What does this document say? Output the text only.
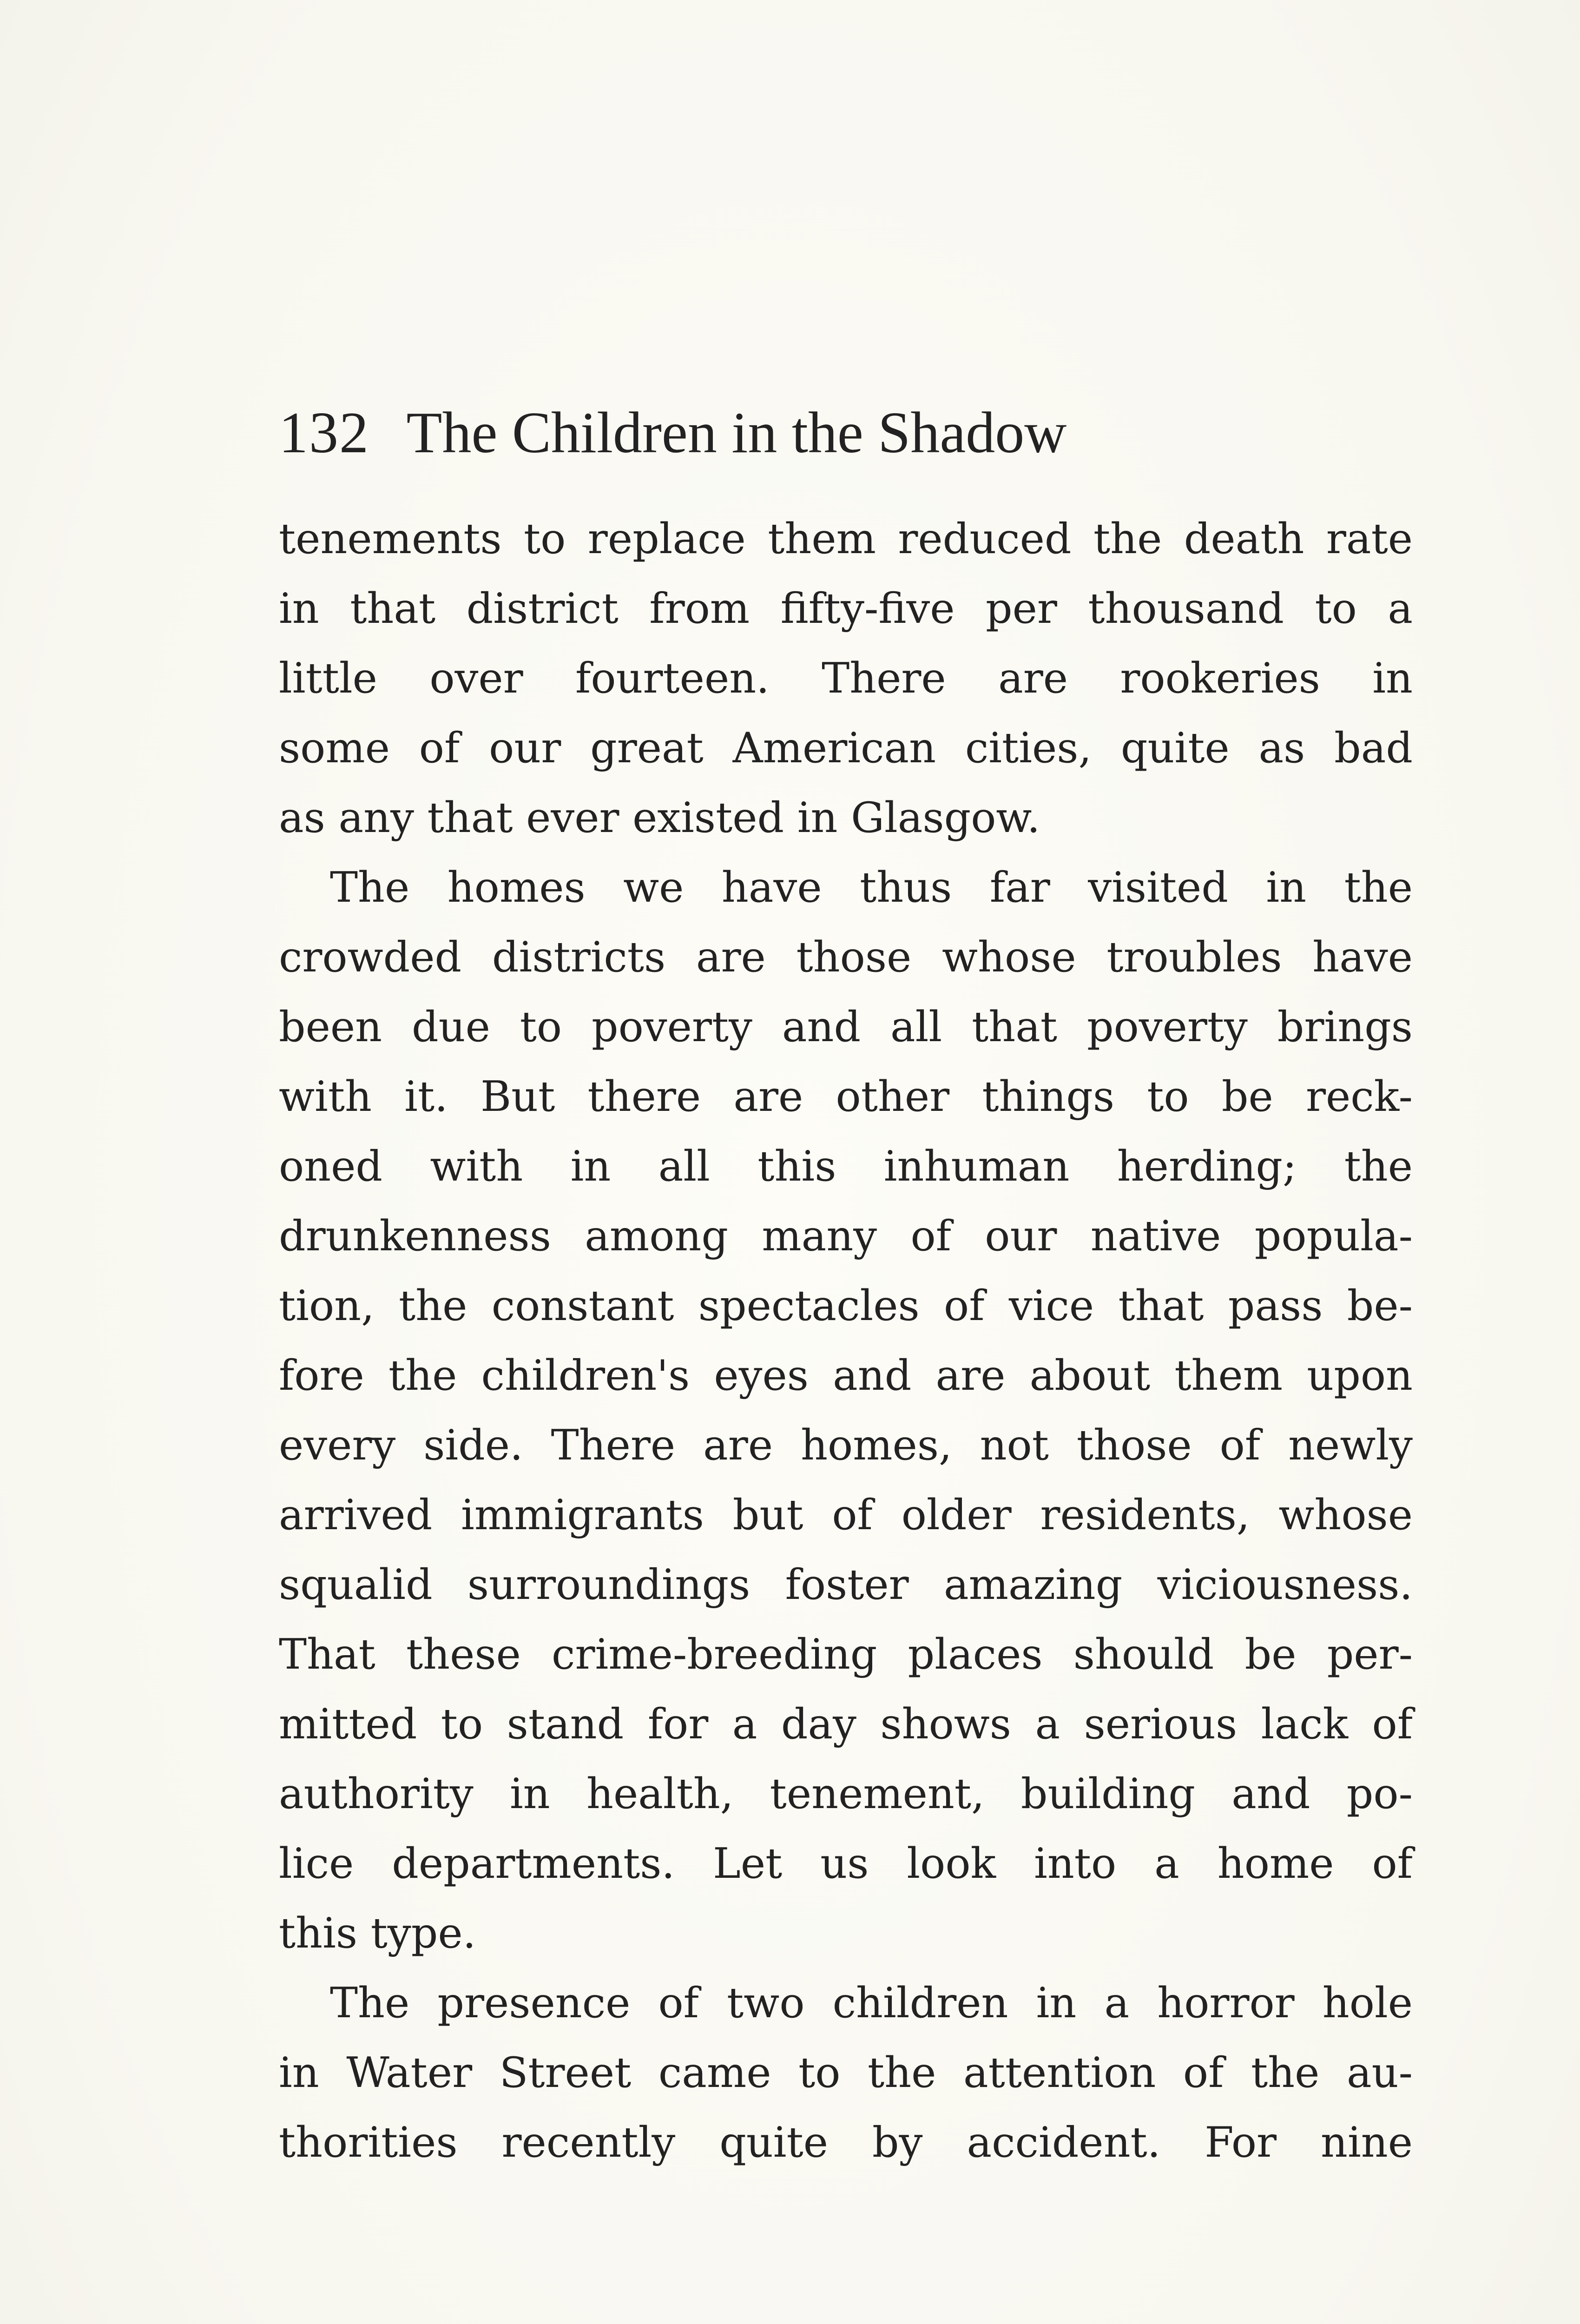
132 The Children in the Shadow
tenements to replace them reduced the death rate
in that district from fifty-five per thousand to a
little over fourteen. There are rookeries in
some of our great American cities, quite as bad
as any that ever existed in Glasgow.
The homes we have thus far visited in the
crowded districts are those whose troubles have
been due to poverty and all that poverty brings
with it. But there are other things to be reck-
oned with in all this inhuman herding; the
drunkenness among many of our native popula-
tion, the constant spectacles of vice that pass be-
fore the children's eyes and are about them upon
every side. There are homes, not those of newly
arrived immigrants but of older residents, whose
squalid surroundings foster amazing viciousness.
That these crime-breeding places should be per-
mitted to stand for a day shows a serious lack of
authority in health, tenement, building and po-
lice departments. Let us look into a home of
this type.
The presence of two children in a horror hole
in Water Street came to the attention of the au-
thorities recently quite by accident. For nine
